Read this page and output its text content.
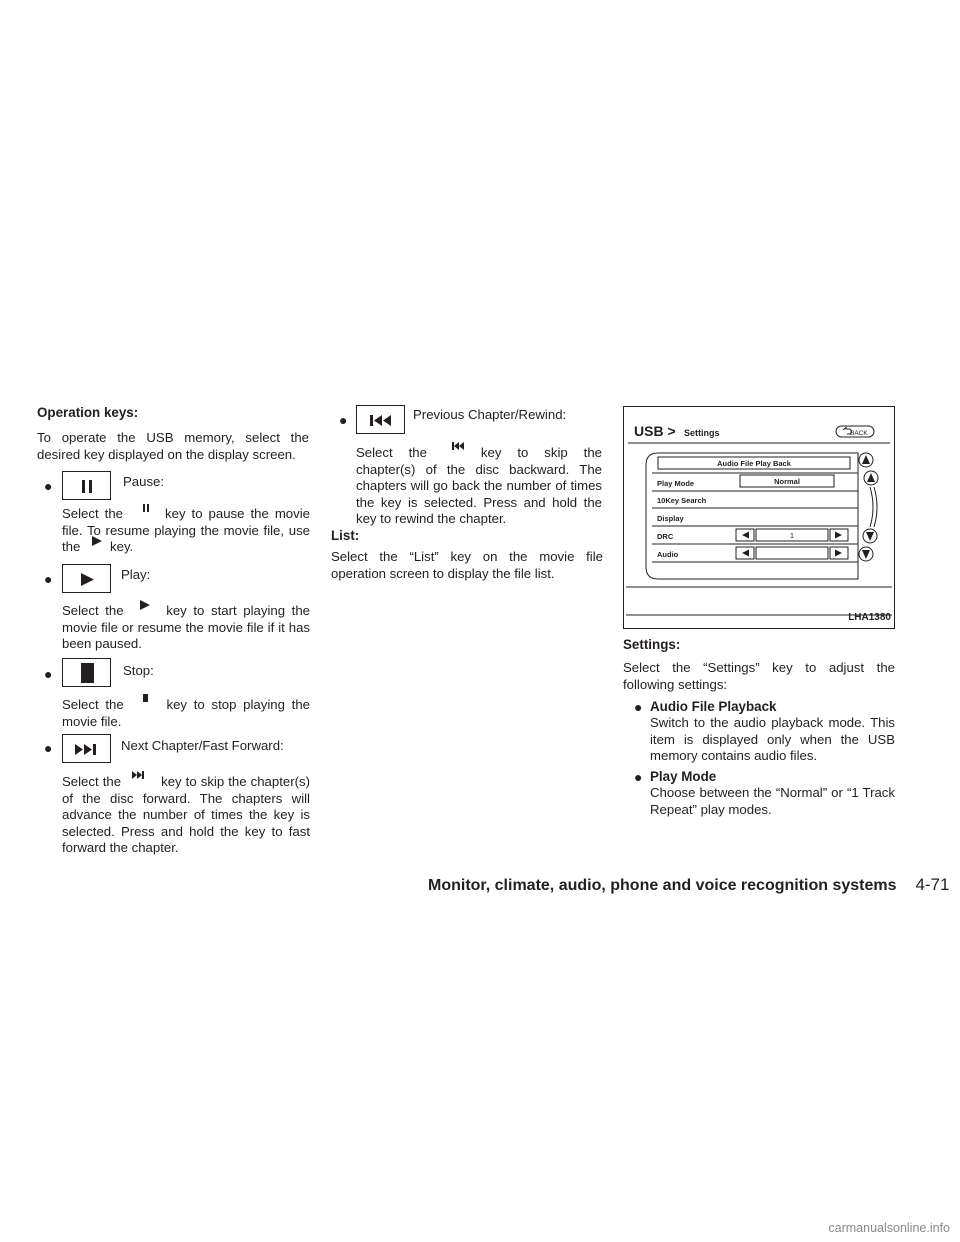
Operation keys:

To operate the USB memory, select the desired key displayed on the display screen.

●	Pause:
Select the	key to pause the movie file. To resume playing the movie file, use the key.
●	Play:
Select the	key to start playing the movie file or resume the movie file if it has been paused.
●	Stop:
Select the	key to stop playing the movie file.
●	Next Chapter/Fast Forward:
Select the	key to skip the chapter(s) of the disc forward. The chapters will advance the number of times the key is selected. Press and hold the key to fast forward the chapter.
●	Previous Chapter/Rewind:
Select the	key to skip the chapter(s) of the disc backward. The chapters will go back the number of times the key is selected. Press and hold the key to rewind the chapter.
List:

Select the “List” key on the movie file operation screen to display the file list.

USB > Settings	BACK
Audio File Play Back
Play Mode	Normal
10Key Search
Display
DRC
Audio
1
LHA1380
Settings:

Select the “Settings” key to adjust the following settings:

● Audio File Playback

Switch to the audio playback mode. This item is displayed only when the USB memory contains audio files.

● Play Mode

Choose between the “Normal” or “1 Track Repeat” play modes.

Monitor, climate, audio, phone and voice recognition systems 4-71
carmanualsonline.info
